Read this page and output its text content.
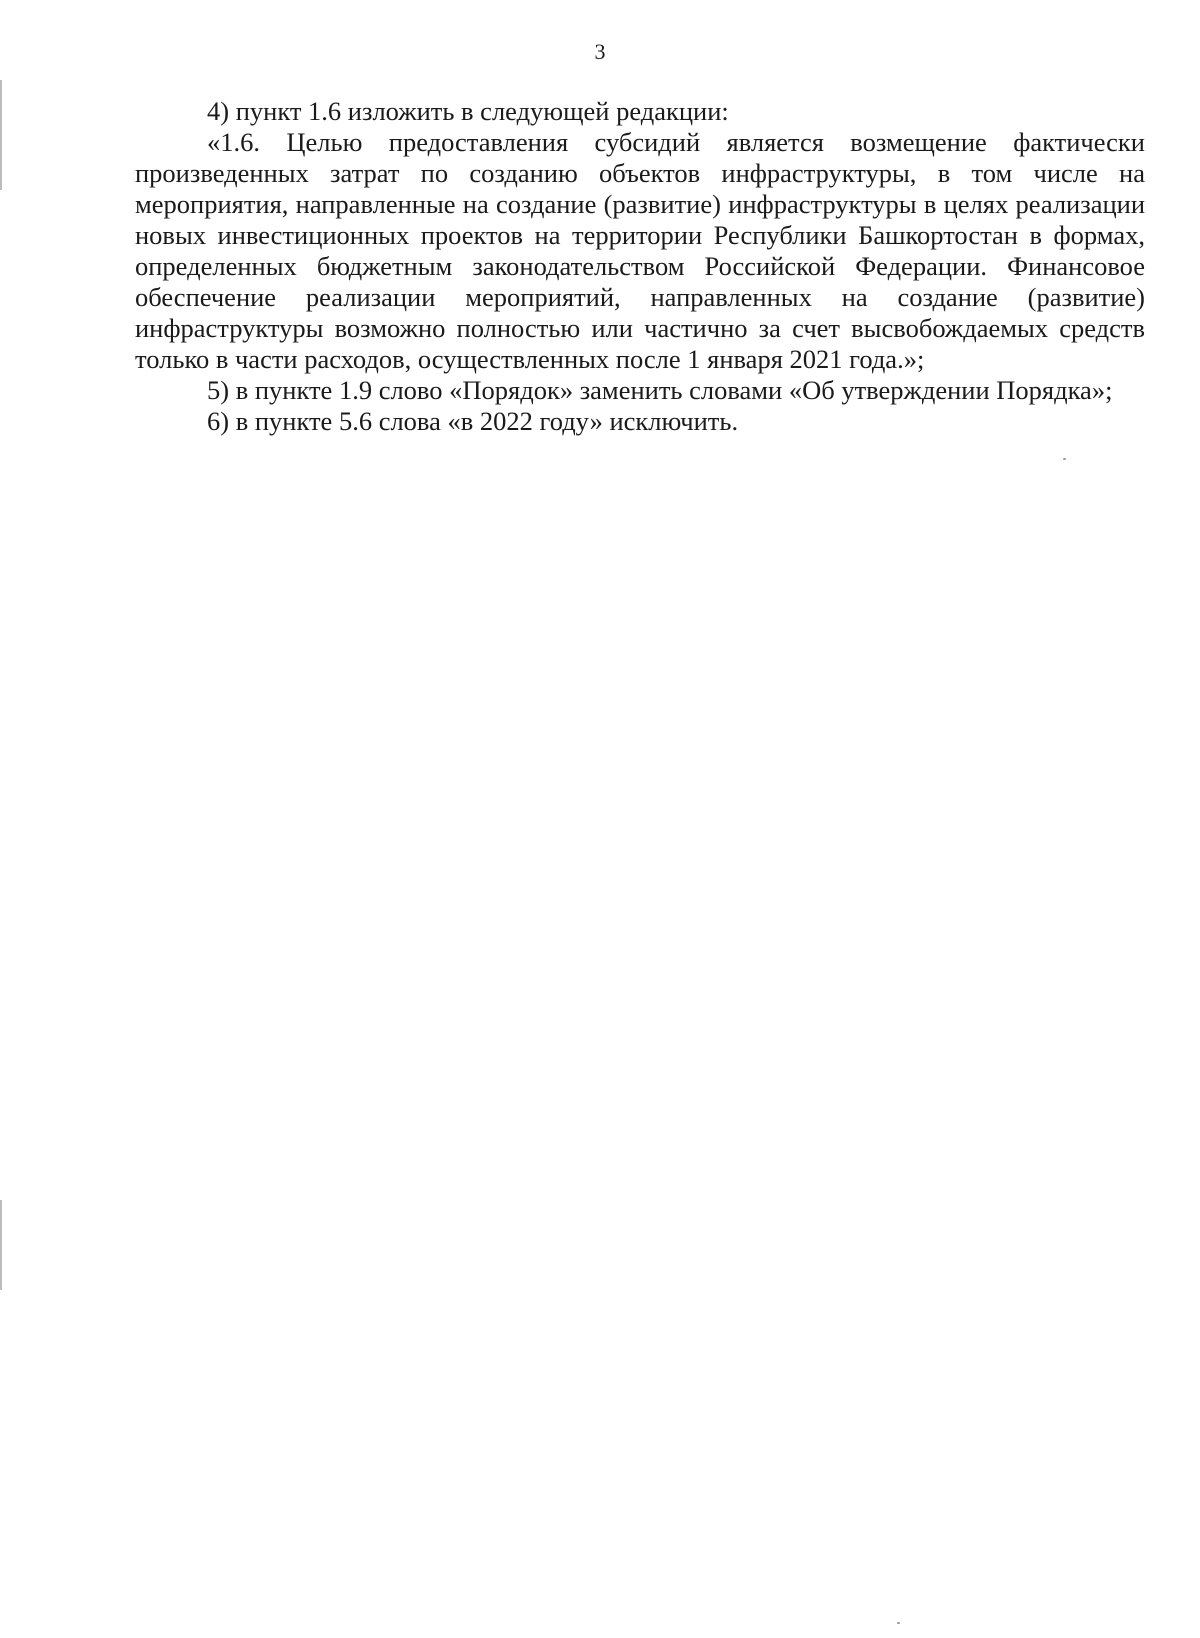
3

4) пункт 1.6 изложить в следующей редакции:

«1.6. Целью предоставления субсидий является возмещение фактически произведенных затрат по созданию объектов инфраструктуры, в том числе на мероприятия, направленные на создание (развитие) инфраструктуры в целях реализации новых инвестиционных проектов на территории Республики Башкортостан в формах, определенных бюджетным законодательством Российской Федерации. Финансовое обеспечение реализации мероприятий, направленных на создание (развитие) инфраструктуры возможно полностью или частично за счет высвобождаемых средств только в части расходов, осуществленных после 1 января 2021 года.»;

5) в пункте 1.9 слово «Порядок» заменить словами «Об утверждении Порядка»;

6) в пункте 5.6 слова «в 2022 году» исключить.
